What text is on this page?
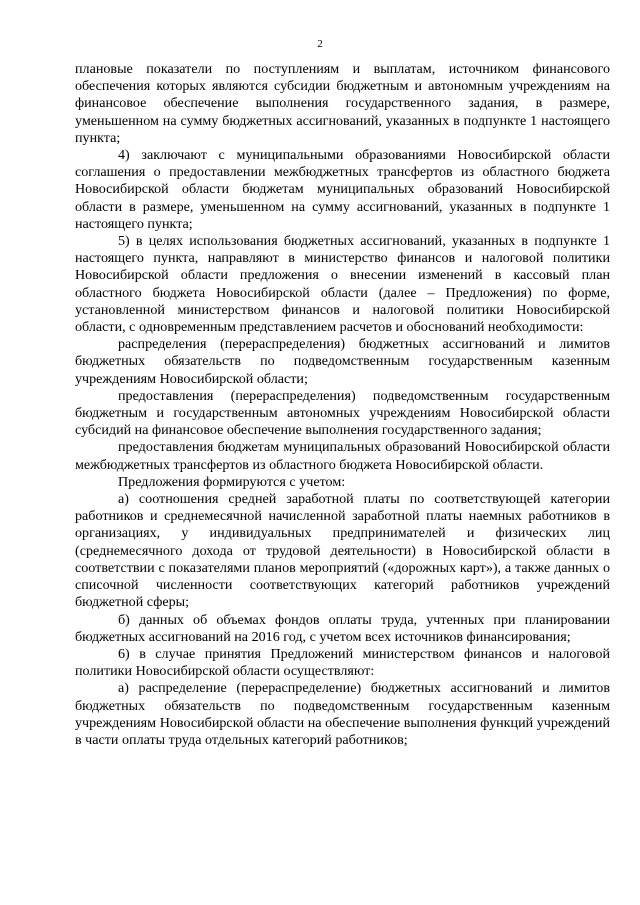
2

плановые показатели по поступлениям и выплатам, источником финансового обеспечения которых являются субсидии бюджетным и автономным учреждениям на финансовое обеспечение выполнения государственного задания, в размере, уменьшенном на сумму бюджетных ассигнований, указанных в подпункте 1 настоящего пункта;

4) заключают с муниципальными образованиями Новосибирской области соглашения о предоставлении межбюджетных трансфертов из областного бюджета Новосибирской области бюджетам муниципальных образований Новосибирской области в размере, уменьшенном на сумму ассигнований, указанных в подпункте 1 настоящего пункта;

5) в целях использования бюджетных ассигнований, указанных в подпункте 1 настоящего пункта, направляют в министерство финансов и налоговой политики Новосибирской области предложения о внесении изменений в кассовый план областного бюджета Новосибирской области (далее – Предложения) по форме, установленной министерством финансов и налоговой политики Новосибирской области, с одновременным представлением расчетов и обоснований необходимости:

распределения (перераспределения) бюджетных ассигнований и лимитов бюджетных обязательств по подведомственным государственным казенным учреждениям Новосибирской области;

предоставления (перераспределения) подведомственным государственным бюджетным и государственным автономных учреждениям Новосибирской области субсидий на финансовое обеспечение выполнения государственного задания;

предоставления бюджетам муниципальных образований Новосибирской области межбюджетных трансфертов из областного бюджета Новосибирской области.

Предложения формируются с учетом:

а) соотношения средней заработной платы по соответствующей категории работников и среднемесячной начисленной заработной платы наемных работников в организациях, у индивидуальных предпринимателей и физических лиц (среднемесячного дохода от трудовой деятельности) в Новосибирской области в соответствии с показателями планов мероприятий («дорожных карт»), а также данных о списочной численности соответствующих категорий работников учреждений бюджетной сферы;

б) данных об объемах фондов оплаты труда, учтенных при планировании бюджетных ассигнований на 2016 год, с учетом всех источников финансирования;

6) в случае принятия Предложений министерством финансов и налоговой политики Новосибирской области осуществляют:

а) распределение (перераспределение) бюджетных ассигнований и лимитов бюджетных обязательств по подведомственным государственным казенным учреждениям Новосибирской области на обеспечение выполнения функций учреждений в части оплаты труда отдельных категорий работников;
